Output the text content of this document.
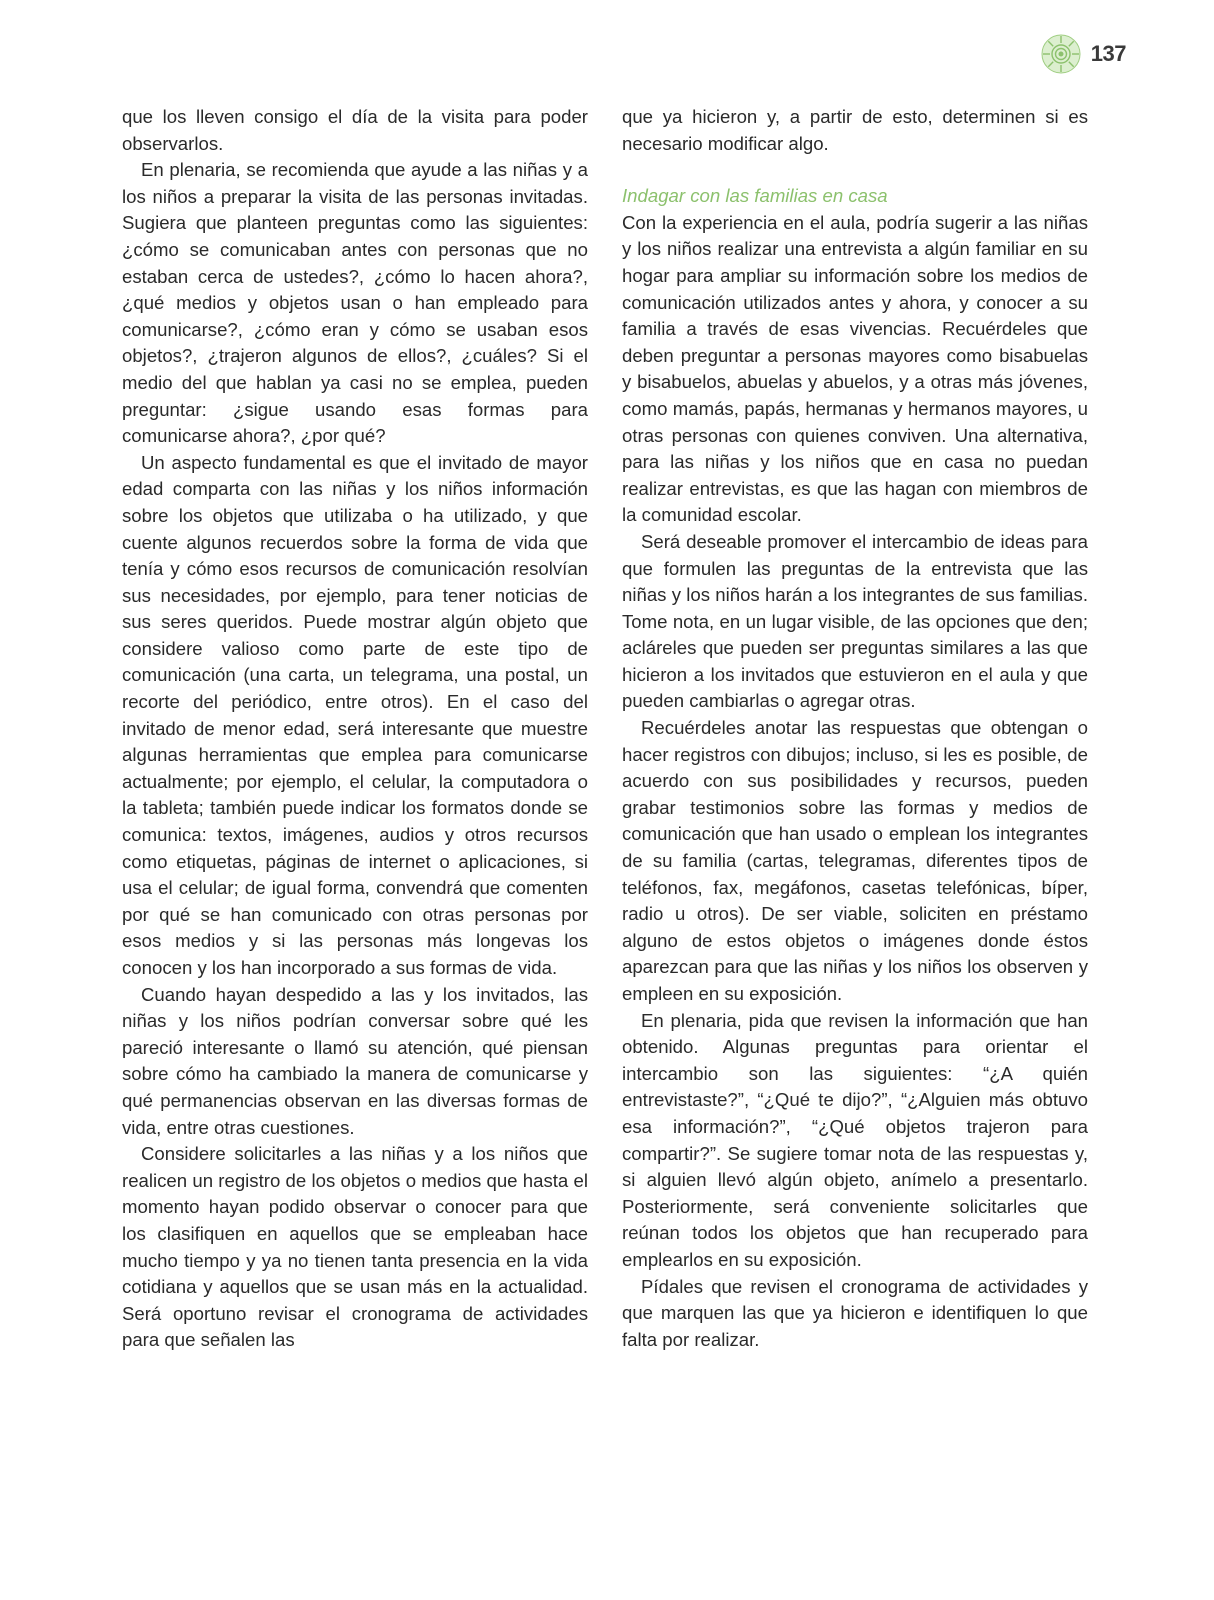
137

que los lleven consigo el día de la visita para poder observarlos.

En plenaria, se recomienda que ayude a las niñas y a los niños a preparar la visita de las personas invitadas. Sugiera que planteen preguntas como las siguientes: ¿cómo se comunicaban antes con personas que no estaban cerca de ustedes?, ¿cómo lo hacen ahora?, ¿qué medios y objetos usan o han empleado para comunicarse?, ¿cómo eran y cómo se usaban esos objetos?, ¿trajeron algunos de ellos?, ¿cuáles? Si el medio del que hablan ya casi no se emplea, pueden preguntar: ¿sigue usando esas formas para comunicarse ahora?, ¿por qué?

Un aspecto fundamental es que el invitado de mayor edad comparta con las niñas y los niños información sobre los objetos que utilizaba o ha utilizado, y que cuente algunos recuerdos sobre la forma de vida que tenía y cómo esos recursos de comunicación resolvían sus necesidades, por ejemplo, para tener noticias de sus seres queridos. Puede mostrar algún objeto que considere valioso como parte de este tipo de comunicación (una carta, un telegrama, una postal, un recorte del periódico, entre otros). En el caso del invitado de menor edad, será interesante que muestre algunas herramientas que emplea para comunicarse actualmente; por ejemplo, el celular, la computadora o la tableta; también puede indicar los formatos donde se comunica: textos, imágenes, audios y otros recursos como etiquetas, páginas de internet o aplicaciones, si usa el celular; de igual forma, convendrá que comenten por qué se han comunicado con otras personas por esos medios y si las personas más longevas los conocen y los han incorporado a sus formas de vida.

Cuando hayan despedido a las y los invitados, las niñas y los niños podrían conversar sobre qué les pareció interesante o llamó su atención, qué piensan sobre cómo ha cambiado la manera de comunicarse y qué permanencias observan en las diversas formas de vida, entre otras cuestiones.

Considere solicitarles a las niñas y a los niños que realicen un registro de los objetos o medios que hasta el momento hayan podido observar o conocer para que los clasifiquen en aquellos que se empleaban hace mucho tiempo y ya no tienen tanta presencia en la vida cotidiana y aquellos que se usan más en la actualidad. Será oportuno revisar el cronograma de actividades para que señalen las

que ya hicieron y, a partir de esto, determinen si es necesario modificar algo.

Indagar con las familias en casa

Con la experiencia en el aula, podría sugerir a las niñas y los niños realizar una entrevista a algún familiar en su hogar para ampliar su información sobre los medios de comunicación utilizados antes y ahora, y conocer a su familia a través de esas vivencias. Recuérdeles que deben preguntar a personas mayores como bisabuelas y bisabuelos, abuelas y abuelos, y a otras más jóvenes, como mamás, papás, hermanas y hermanos mayores, u otras personas con quienes conviven. Una alternativa, para las niñas y los niños que en casa no puedan realizar entrevistas, es que las hagan con miembros de la comunidad escolar.

Será deseable promover el intercambio de ideas para que formulen las preguntas de la entrevista que las niñas y los niños harán a los integrantes de sus familias. Tome nota, en un lugar visible, de las opciones que den; acláreles que pueden ser preguntas similares a las que hicieron a los invitados que estuvieron en el aula y que pueden cambiarlas o agregar otras.

Recuérdeles anotar las respuestas que obtengan o hacer registros con dibujos; incluso, si les es posible, de acuerdo con sus posibilidades y recursos, pueden grabar testimonios sobre las formas y medios de comunicación que han usado o emplean los integrantes de su familia (cartas, telegramas, diferentes tipos de teléfonos, fax, megáfonos, casetas telefónicas, bíper, radio u otros). De ser viable, soliciten en préstamo alguno de estos objetos o imágenes donde éstos aparezcan para que las niñas y los niños los observen y empleen en su exposición.

En plenaria, pida que revisen la información que han obtenido. Algunas preguntas para orientar el intercambio son las siguientes: “¿A quién entrevistaste?”, “¿Qué te dijo?”, “¿Alguien más obtuvo esa información?”, “¿Qué objetos trajeron para compartir?”. Se sugiere tomar nota de las respuestas y, si alguien llevó algún objeto, anímelo a presentarlo. Posteriormente, será conveniente solicitarles que reúnan todos los objetos que han recuperado para emplearlos en su exposición.

Pídales que revisen el cronograma de actividades y que marquen las que ya hicieron e identifiquen lo que falta por realizar.
